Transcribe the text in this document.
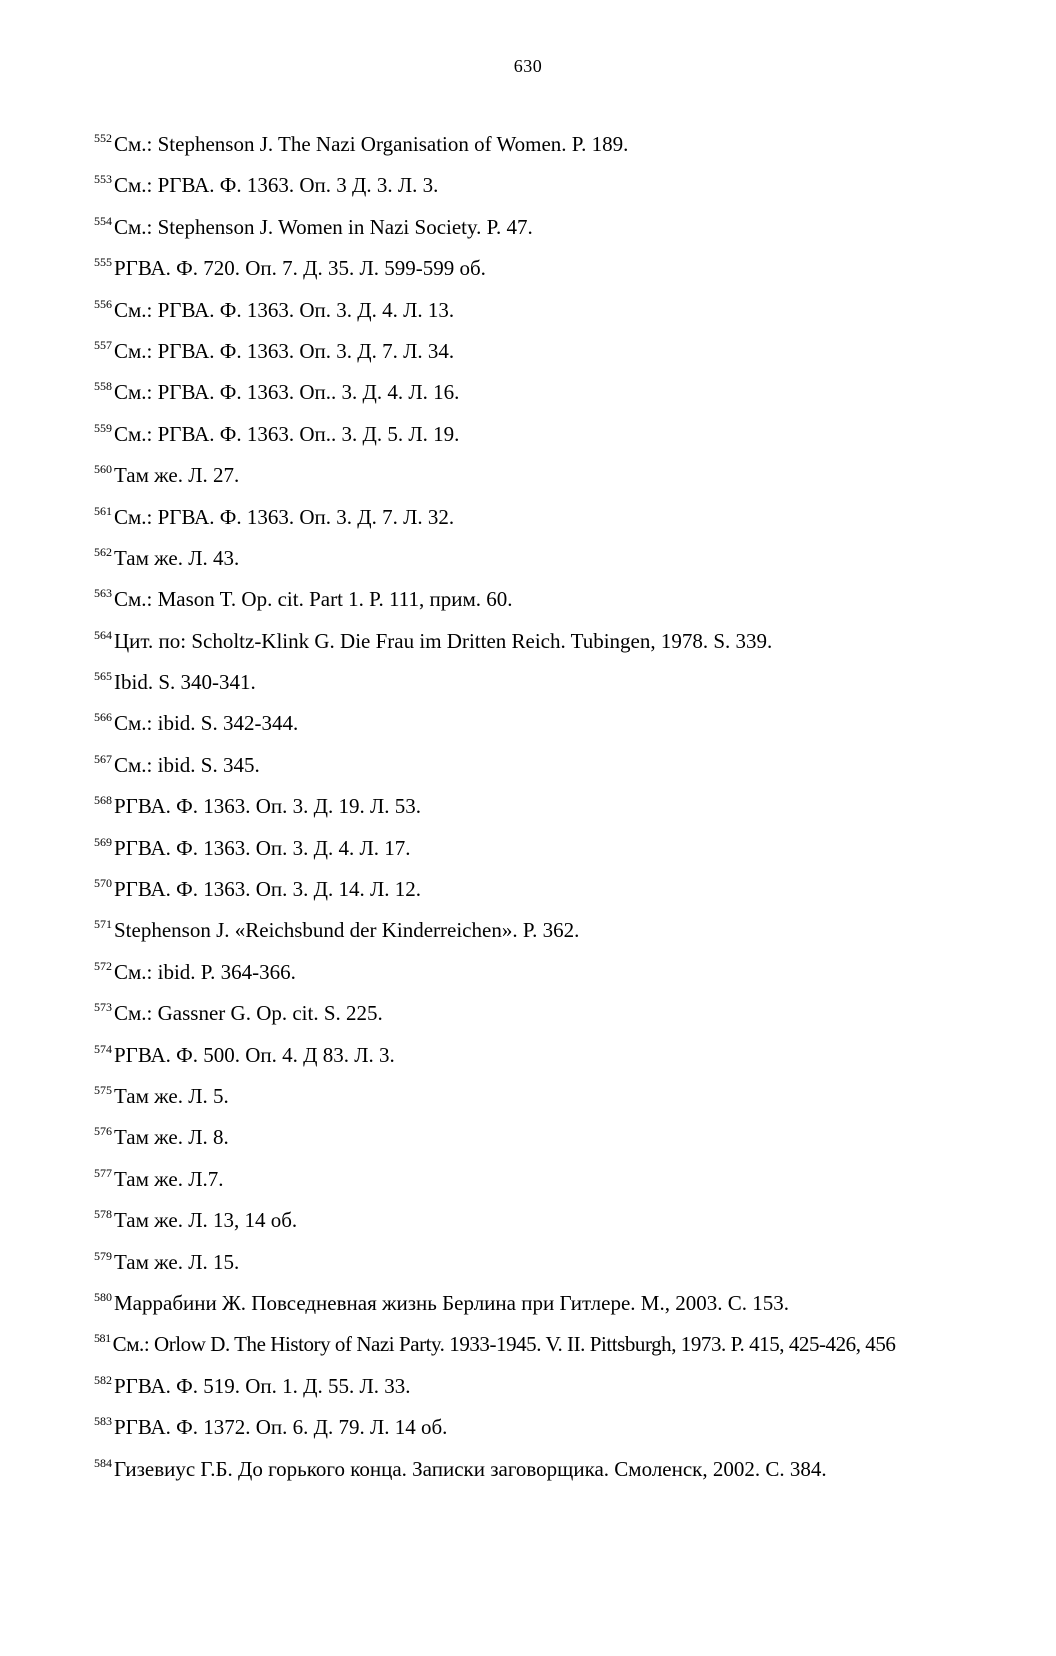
630
$^{552}$См.: Stephenson J. The Nazi Organisation of Women. P. 189.
$^{553}$См.: РГВА. Ф. 1363. Оп. 3 Д. 3. Л. 3.
$^{554}$См.: Stephenson J. Women in Nazi Society. P. 47.
$^{555}$РГВА. Ф. 720. Оп. 7. Д. 35. Л. 599-599 об.
$^{556}$См.: РГВА. Ф. 1363. Оп. 3. Д. 4. Л. 13.
$^{557}$См.: РГВА. Ф. 1363. Оп. 3. Д. 7. Л. 34.
$^{558}$См.: РГВА. Ф. 1363. Оп.. 3. Д. 4. Л. 16.
$^{559}$См.: РГВА. Ф. 1363. Оп.. 3. Д. 5. Л. 19.
$^{560}$Там же. Л. 27.
$^{561}$См.: РГВА. Ф. 1363. Оп. 3. Д. 7. Л. 32.
$^{562}$Там же. Л. 43.
$^{563}$См.: Mason T. Op. cit. Part 1. P. 111, прим. 60.
$^{564}$Цит. по: Scholtz-Klink G. Die Frau im Dritten Reich. Tubingen, 1978. S. 339.
$^{565}$Ibid. S. 340-341.
$^{566}$См.: ibid. S. 342-344.
$^{567}$См.: ibid. S. 345.
$^{568}$РГВА. Ф. 1363. Оп. 3. Д. 19. Л. 53.
$^{569}$РГВА. Ф. 1363. Оп. 3. Д. 4. Л. 17.
$^{570}$РГВА. Ф. 1363. Оп. 3. Д. 14. Л. 12.
$^{571}$Stephenson J. «Reichsbund der Kinderreichen». P. 362.
$^{572}$См.: ibid. P. 364-366.
$^{573}$См.: Gassner G. Op. cit. S. 225.
$^{574}$РГВА. Ф. 500. Оп. 4. Д 83. Л. 3.
$^{575}$Там же. Л. 5.
$^{576}$Там же. Л. 8.
$^{577}$Там же. Л.7.
$^{578}$Там же. Л. 13, 14 об.
$^{579}$Там же. Л. 15.
$^{580}$Маррабини Ж. Повседневная жизнь Берлина при Гитлере. М., 2003. С. 153.
$^{581}$См.: Orlow D. The History of Nazi Party. 1933-1945. V. II. Pittsburgh, 1973. P. 415, 425-426, 456
$^{582}$РГВА. Ф. 519. Оп. 1. Д. 55. Л. 33.
$^{583}$РГВА. Ф. 1372. Оп. 6. Д. 79. Л. 14 об.
$^{584}$Гизевиус Г.Б. До горького конца. Записки заговорщика. Смоленск, 2002. С. 384.
